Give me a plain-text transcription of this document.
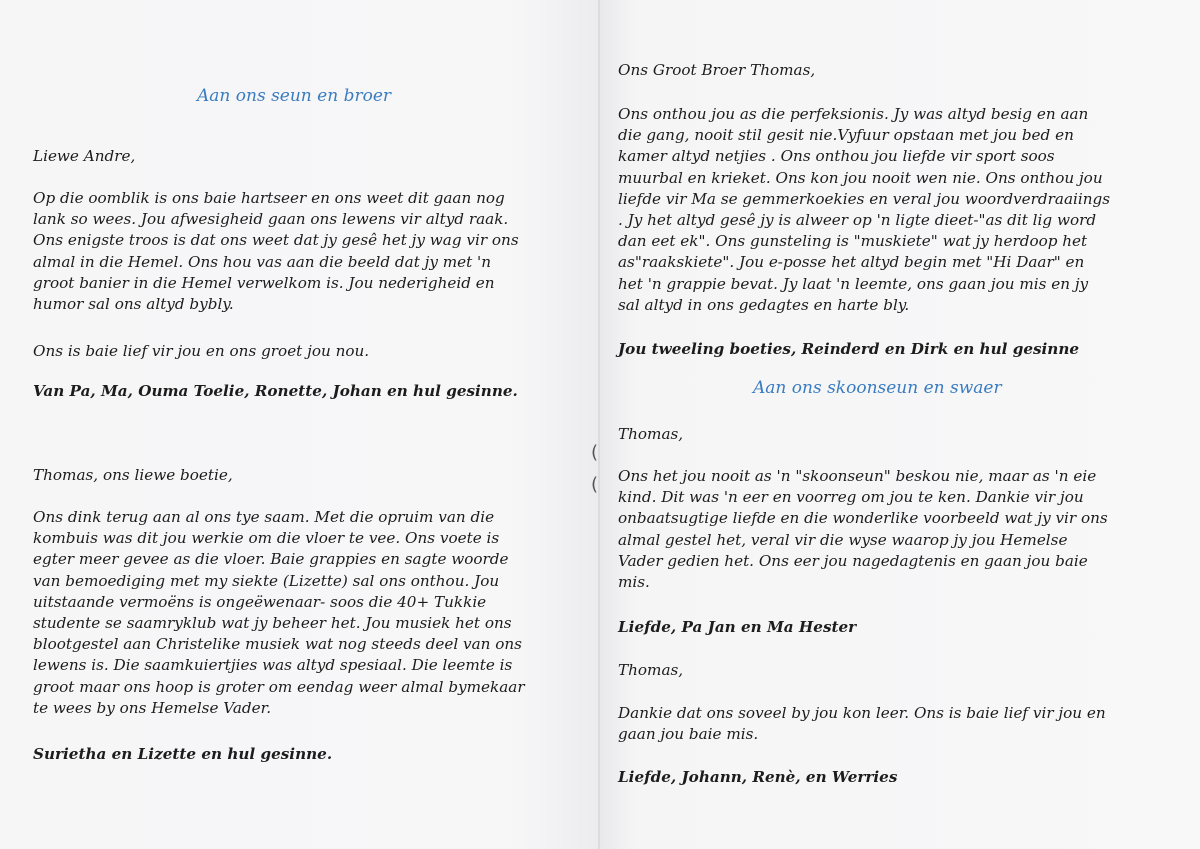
(
(
Aan ons seun en broer
Liewe Andre,
Op die oomblik is ons baie hartseer en ons weet dit gaan nog
lank so wees. Jou afwesigheid gaan ons lewens vir altyd raak.
Ons enigste troos is dat ons weet dat jy gesê het jy wag vir ons
almal in die Hemel. Ons hou vas aan die beeld dat jy met 'n
groot banier in die Hemel verwelkom is. Jou nederigheid en
humor sal ons altyd bybly.
Ons is baie lief vir jou en ons groet jou nou.
Van Pa, Ma, Ouma Toelie, Ronette, Johan en hul gesinne.
Thomas, ons liewe boetie,
Ons dink terug aan al ons tye saam. Met die opruim van die
kombuis was dit jou werkie om die vloer te vee. Ons voete is
egter meer gevee as die vloer. Baie grappies en sagte woorde
van bemoediging met my siekte (Lizette) sal ons onthou. Jou
uitstaande vermoëns is ongeëwenaar- soos die 40+ Tukkie
studente se saamryklub wat jy beheer het. Jou musiek het ons
blootgestel aan Christelike musiek wat nog steeds deel van ons
lewens is. Die saamkuiertjies was altyd spesiaal. Die leemte is
groot maar ons hoop is groter om eendag weer almal bymekaar
te wees by ons Hemelse Vader.
Surietha en Lizette en hul gesinne.
Ons Groot Broer Thomas,
Ons onthou jou as die perfeksionis. Jy was altyd besig en aan
die gang, nooit stil gesit nie.Vyfuur opstaan met jou bed en
kamer altyd netjies . Ons onthou jou liefde vir sport soos
muurbal en krieket. Ons kon jou nooit wen nie. Ons onthou jou
liefde vir Ma se gemmerkoekies en veral jou woordverdraaiings
. Jy het altyd gesê jy is alweer op 'n ligte dieet-"as dit lig word
dan eet ek". Ons gunsteling is "muskiete" wat jy herdoop het
as"raakskiete". Jou e-posse het altyd begin met "Hi Daar" en
het 'n grappie bevat. Jy laat 'n leemte, ons gaan jou mis en jy
sal altyd in ons gedagtes en harte bly.
Jou tweeling boeties, Reinderd en Dirk en hul gesinne
Aan ons skoonseun en swaer
Thomas,
Ons het jou nooit as 'n "skoonseun" beskou nie, maar as 'n eie
kind. Dit was 'n eer en voorreg om jou te ken. Dankie vir jou
onbaatsugtige liefde en die wonderlike voorbeeld wat jy vir ons
almal gestel het, veral vir die wyse waarop jy jou Hemelse
Vader gedien het. Ons eer jou nagedagtenis en gaan jou baie
mis.
Liefde, Pa Jan en Ma Hester
Thomas,
Dankie dat ons soveel by jou kon leer. Ons is baie lief vir jou en
gaan jou baie mis.
Liefde, Johann, Renè, en Werries
